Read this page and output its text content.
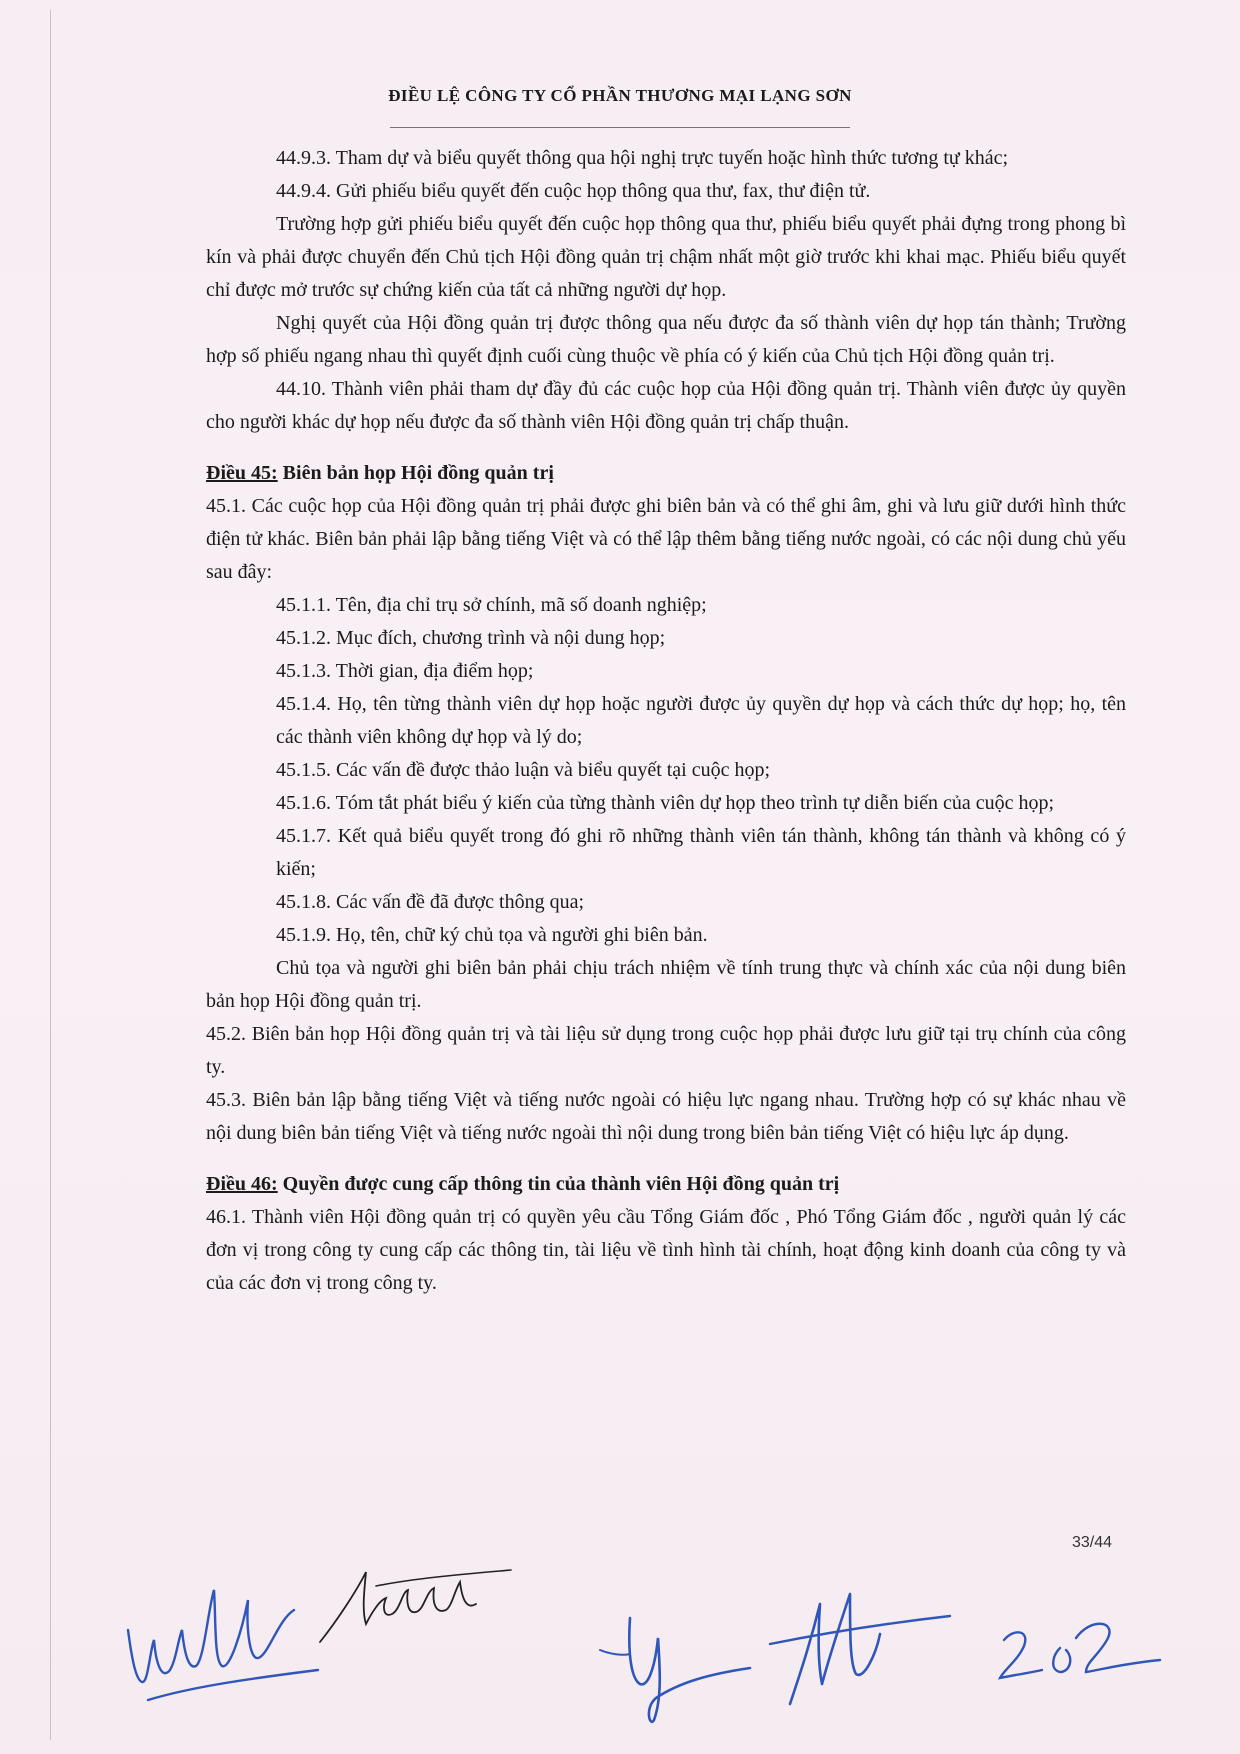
ĐIỀU LỆ CÔNG TY CỔ PHẦN THƯƠNG MẠI LẠNG SƠN

44.9.3. Tham dự và biểu quyết thông qua hội nghị trực tuyến hoặc hình thức tương tự khác;

44.9.4. Gửi phiếu biểu quyết đến cuộc họp thông qua thư, fax, thư điện tử.

Trường hợp gửi phiếu biểu quyết đến cuộc họp thông qua thư, phiếu biểu quyết phải đựng trong phong bì kín và phải được chuyển đến Chủ tịch Hội đồng quản trị chậm nhất một giờ trước khi khai mạc. Phiếu biểu quyết chỉ được mở trước sự chứng kiến của tất cả những người dự họp.

Nghị quyết của Hội đồng quản trị được thông qua nếu được đa số thành viên dự họp tán thành; Trường hợp số phiếu ngang nhau thì quyết định cuối cùng thuộc về phía có ý kiến của Chủ tịch Hội đồng quản trị.

44.10. Thành viên phải tham dự đầy đủ các cuộc họp của Hội đồng quản trị. Thành viên được ủy quyền cho người khác dự họp nếu được đa số thành viên Hội đồng quản trị chấp thuận.

Điều 45: Biên bản họp Hội đồng quản trị

45.1. Các cuộc họp của Hội đồng quản trị phải được ghi biên bản và có thể ghi âm, ghi và lưu giữ dưới hình thức điện tử khác. Biên bản phải lập bằng tiếng Việt và có thể lập thêm bằng tiếng nước ngoài, có các nội dung chủ yếu sau đây:

45.1.1. Tên, địa chỉ trụ sở chính, mã số doanh nghiệp;

45.1.2. Mục đích, chương trình và nội dung họp;

45.1.3. Thời gian, địa điểm họp;

45.1.4. Họ, tên từng thành viên dự họp hoặc người được ủy quyền dự họp và cách thức dự họp; họ, tên các thành viên không dự họp và lý do;

45.1.5. Các vấn đề được thảo luận và biểu quyết tại cuộc họp;

45.1.6. Tóm tắt phát biểu ý kiến của từng thành viên dự họp theo trình tự diễn biến của cuộc họp;

45.1.7. Kết quả biểu quyết trong đó ghi rõ những thành viên tán thành, không tán thành và không có ý kiến;

45.1.8. Các vấn đề đã được thông qua;

45.1.9. Họ, tên, chữ ký chủ tọa và người ghi biên bản.

Chủ tọa và người ghi biên bản phải chịu trách nhiệm về tính trung thực và chính xác của nội dung biên bản họp Hội đồng quản trị.

45.2. Biên bản họp Hội đồng quản trị và tài liệu sử dụng trong cuộc họp phải được lưu giữ tại trụ chính của công ty.

45.3. Biên bản lập bằng tiếng Việt và tiếng nước ngoài có hiệu lực ngang nhau. Trường hợp có sự khác nhau về nội dung biên bản tiếng Việt và tiếng nước ngoài thì nội dung trong biên bản tiếng Việt có hiệu lực áp dụng.

Điều 46: Quyền được cung cấp thông tin của thành viên Hội đồng quản trị

46.1. Thành viên Hội đồng quản trị có quyền yêu cầu Tổng Giám đốc , Phó Tổng Giám đốc , người quản lý các đơn vị trong công ty cung cấp các thông tin, tài liệu về tình hình tài chính, hoạt động kinh doanh của công ty và của các đơn vị trong công ty.

33/44
